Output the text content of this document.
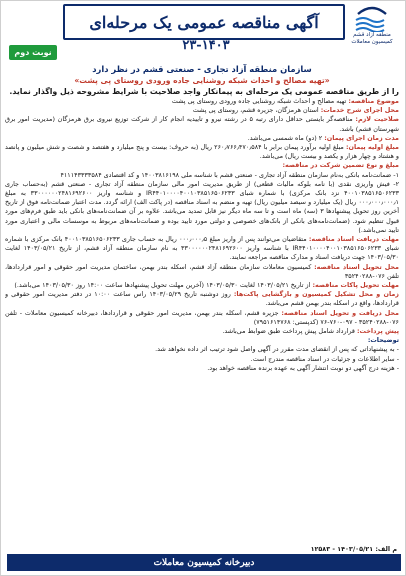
منطقه آزاد قشم
کمیسیون معاملات
آگهی مناقصه عمومی یک مرحله‌ای
۲۳-۱۴۰۳
نوبت دوم
سازمان منطقه آزاد تجاری - صنعتی قشم در نظر دارد
«تهیه مصالح و احداث شبکه روشنایی جاده ورودی روستای پی پشت»
را از طریق مناقصه عمومی یک مرحله‌ای به پیمانکار واجد صلاحیت با شرایط مشروحه ذیل واگذار نماید.
موضوع مناقصه: تهیه مصالح و احداث شبکه روشنایی جاده ورودی روستای پی پشت
محل اجرای شرح خدمات: استان هرمزگان، جزیره قشم، روستای پی پشت
صلاحیت لازم: مناقصه‌گر بایستی حداقل دارای رتبه ۵ در رشته نیرو و تاییدیه انجام کار از شرکت توزیع نیروی برق هرمزگان (مدیریت امور برق شهرستان قشم) باشد.
مدت زمان اجرای پیمان: ۲ (دو) ماه شمسی می‌باشد.
مبلغ اولیه پیمان: مبلغ اولیه برآورد پیمان برابر با ۲۶۰٫۷۶۶٫۴۷۰٫۵۸۴ ریال (به حروف: بیست و پنج میلیارد و هفتصد و شصت و شش میلیون و پانصد و هشتاد و چهار هزار و یکصد و بیست ریال) می‌باشد.
مبلغ و نوع تضمین شرکت در مناقصه:
۱- ضمانت‌نامه بانکی به‌نام سازمان منطقه آزاد تجاری - صنعتی قشم با شناسه ملی ۱۴۰۰۳۸۱۶۱۹۸ و کد اقتصادی ۴۱۱۱۴۳۳۳۳۵۸۴
۲- فیش واریزی نقدی (با نامه بلوکه مالیات قطعی) از طریق مدیریت امور مالی سازمان منطقه آزاد تجاری - صنعتی قشم (به‌حساب جاری ۴۰۰۱۰۳۸۵۱۶۵۰۶۲۳۳ نزد بانک مرکزی) با شماره شبای IR۴۴۰۱۰۰۰۰۴۰۰۱۰۳۸۵۱۶۵۰۶۲۳۳ و شناسه واریز ۳۳۰۰۰۰۰۰۲۴۸۱۶۹۲۶۰۰ به مبلغ ۰۰۰٫۰۰۰٫۰۰۰٫۱ ریال (یک میلیارد و سیصد میلیون ریال) تهیه و منضم به اسناد مناقصه (در پاکت الف) ارائه گردد. مدت اعتبار ضمانت‌نامه فوق از تاریخ آخرین روز تحویل پیشنهادها ۳ (سه) ماه است و تا سه ماه دیگر نیز قابل تمدید می‌باشد. علاوه بر آن ضمانت‌نامه‌های بانکی باید طبق فرم‌های مورد قبول تنظیم شود. (ضمانت‌نامه‌های بانکی از بانک‌های خصوصی و دولتی مورد تایید بوده و ضمانت‌نامه‌های مربوط به موسسات مالی و اعتباری مورد تایید نمی‌باشد.)
مهلت دریافت اسناد مناقصه: متقاضیان می‌توانند پس از واریز مبلغ ۰۰۰٫۰۰۰٫۵ ریال به حساب جاری ۴۰۰۱۰۳۸۵۱۶۵۰۶۲۳۳ بانک مرکزی با شماره شبای IR۴۴۰۱۰۰۰۰۴۰۰۱۰۳۸۵۱۶۵۰۶۲۳۳ با شناسه واریز ۳۳۰۰۰۰۰۰۲۴۸۱۶۹۲۶۰۰ به نام سازمان منطقه آزاد قشم، از تاریخ ۱۴۰۳/۰۵/۲۱ لغایت ۱۴۰۳/۰۵/۳۰ جهت دریافت اسناد و مدارک مناقصه مراجعه نمایند.
محل تحویل اسناد مناقصه: کمیسیون معاملات سازمان منطقه آزاد قشم، اسکله بندر بهمن، ساختمان مدیریت امور حقوقی و امور قراردادها، تلفن ۰۷۶-۳۵۲۴۰۲۸۸
مهلت تحویل پاکات مناقصه: از تاریخ ۱۴۰۳/۰۵/۲۱ لغایت ۱۴۰۳/۰۵/۳۰ (آخرین مهلت تحویل پیشنهادها ساعت ۱۴:۰۰ روز ۱۴۰۳/۰۵/۳۰ می‌باشد.)
زمان و محل تشکیل کمیسیون و بازگشایی پاکت‌ها: روز دوشنبه تاریخ ۱۴۰۳/۰۵/۲۹ راس ساعت ۱۰:۰۰ در دفتر مدیریت امور حقوقی و قراردادها، واقع در اسکله بندر بهمن قشم می‌باشد.
محل دریافت و تحویل اسناد مناقصه: جزیره قشم، اسکله بندر بهمن، مدیریت امور حقوقی و قراردادها، دبیرخانه کمیسیون معاملات - تلفن ۰۷۶-۳۵۲۴۰۲۸۸ - ۰۹۷-۷۶۰-۷۶ (کدپستی: ۷۹۵۱۶۱۴۷۶۸)
پیش پرداخت: قرارداد شامل پیش پرداخت طبق ضوابط می‌باشد.
توضیحات:
- به پیشنهاداتی که پس از انقضای مدت مقرر در آگهی واصل شود ترتیب اثر داده نخواهد شد.
- سایر اطلاعات و جزئیات در اسناد مناقصه مندرج است.
- هزینه درج آگهی دو نوبت انتشار آگهی به عهده برنده مناقصه خواهد بود.
م الف: ۱۴۰۳/۰۵/۲۱ - ۱۲۵۸۳
دبیرخانه کمیسیون معاملات
